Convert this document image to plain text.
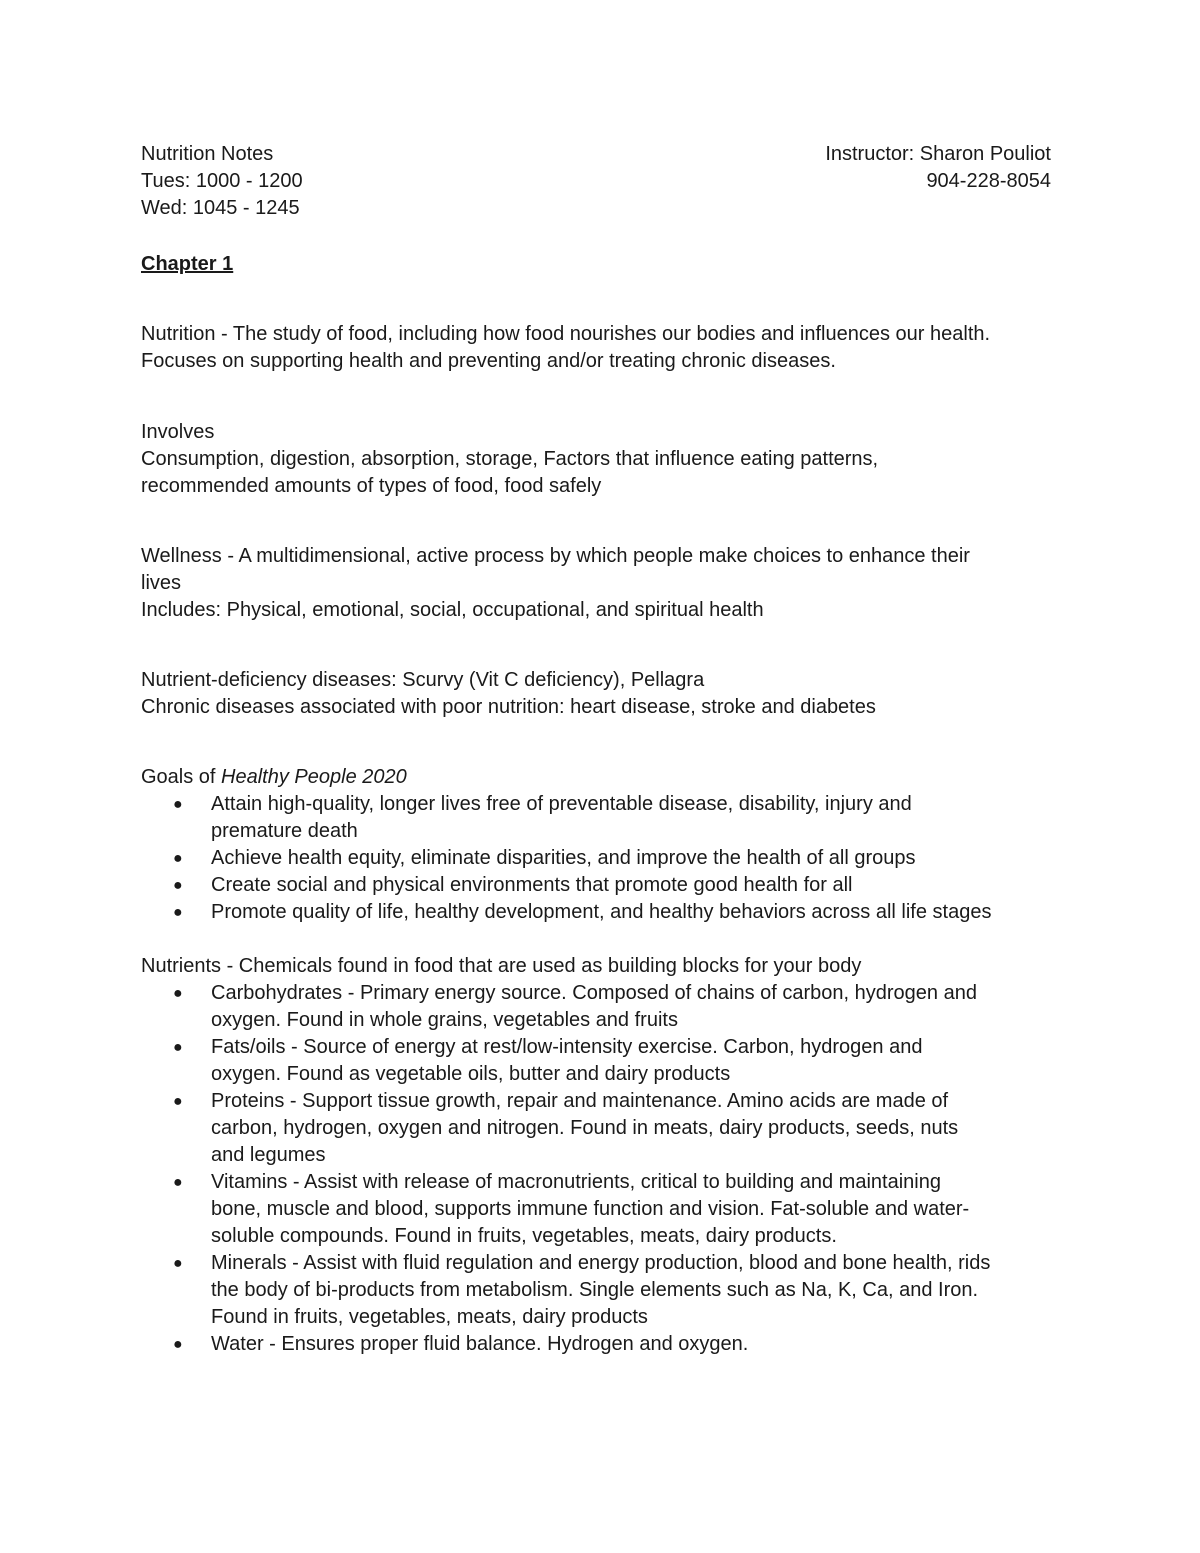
Nutrition Notes	Instructor: Sharon Pouliot
Tues: 1000 - 1200	904-228-8054
Wed: 1045 - 1245

Chapter 1

Nutrition - The study of food, including how food nourishes our bodies and influences our health.

Focuses on supporting health and preventing and/or treating chronic diseases.

Involves

Consumption, digestion, absorption, storage, Factors that influence eating patterns,

recommended amounts of types of food, food safely

Wellness - A multidimensional, active process by which people make choices to enhance their

lives

Includes: Physical, emotional, social, occupational, and spiritual health

Nutrient-deficiency diseases: Scurvy (Vit C deficiency), Pellagra

Chronic diseases associated with poor nutrition: heart disease, stroke and diabetes

Goals of Healthy People 2020

● Attain high-quality, longer lives free of preventable disease, disability, injury and
premature death
● Achieve health equity, eliminate disparities, and improve the health of all groups
● Create social and physical environments that promote good health for all
● Promote quality of life, healthy development, and healthy behaviors across all life stages

Nutrients - Chemicals found in food that are used as building blocks for your body

● Carbohydrates - Primary energy source. Composed of chains of carbon, hydrogen and
oxygen. Found in whole grains, vegetables and fruits
● Fats/oils - Source of energy at rest/low-intensity exercise. Carbon, hydrogen and
oxygen. Found as vegetable oils, butter and dairy products
● Proteins - Support tissue growth, repair and maintenance. Amino acids are made of
carbon, hydrogen, oxygen and nitrogen. Found in meats, dairy products, seeds, nuts
and legumes
● Vitamins - Assist with release of macronutrients, critical to building and maintaining
bone, muscle and blood, supports immune function and vision. Fat-soluble and water-
soluble compounds. Found in fruits, vegetables, meats, dairy products.
● Minerals - Assist with fluid regulation and energy production, blood and bone health, rids
the body of bi-products from metabolism. Single elements such as Na, K, Ca, and Iron.
Found in fruits, vegetables, meats, dairy products
● Water - Ensures proper fluid balance. Hydrogen and oxygen.
